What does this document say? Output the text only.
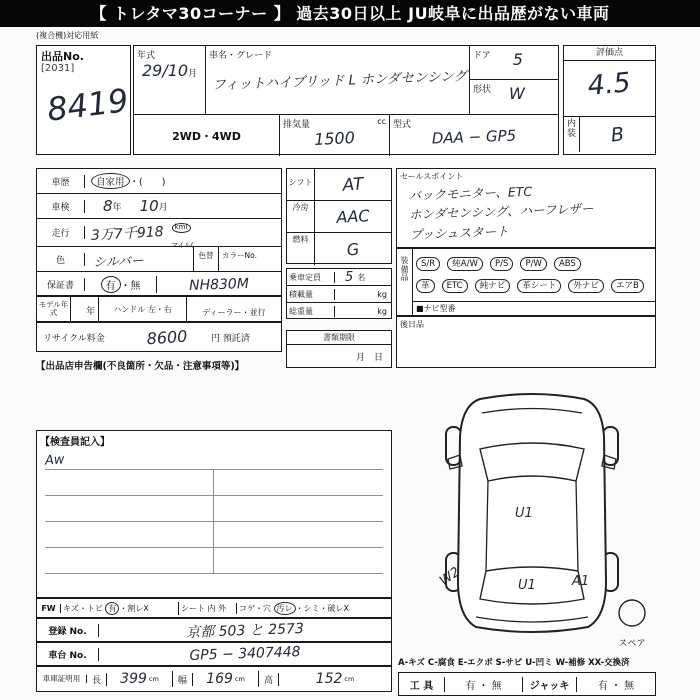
【 トレタマ30コーナー 】 過去30日以上 JU岐阜に出品歴がない車両
(複合機)対応用紙
出品No.
[2031]
8419
年式
29/10月
車名・グレード
フィットハイブリッド L ホンダセンシング
ドア 5
形状 W
2WD・4WD
排気量	cc
1500
型式
DAA − GP5
評価点
4.5
内装	B
車歴	自家用 ・(　　)
車検	8 年 10 月
走行	3万7千918	km(
マイル(
色	シルバー	色替	カラーNo.
保証書	有 ・無	NH830M
モデル年式	年	ハンドル 左・右	ディーラー・並行
リサイクル料金	8600	円 預託済
【出品店申告欄(不良箇所・欠品・注意事項等)】
シフト	AT
冷房	AAC
燃料	G
乗車定員	5 名
積載量	kg
総重量	kg
書類期限
月　日
セールスポイント
バックモニター、ETC
ホンダセンシング、ハーフレザー
プッシュスタート
装備品
S/R 純A/W P/S P/W ABS
革 ETC 純ナビ 革シート 外ナビ エアB
■ナビ型番
後日品
【検査員記入】
Aw
FW キズ・トビ 有 ・割レX	シート 内 外	コゲ・穴 汚レ ・シミ・破レX
登録 No.	京都 503 と 2573
車台 No.	GP5 − 3407448
車庫証明用	長	399 cm	幅	169 cm	高	152 cm
U1
W2	U1	A1
スペア
A-キズ C-腐食 E-エクボ S-サビ U-凹ミ W-補修 XX-交換済
工 具	有 ・ 無	ジャッキ	有 ・ 無
